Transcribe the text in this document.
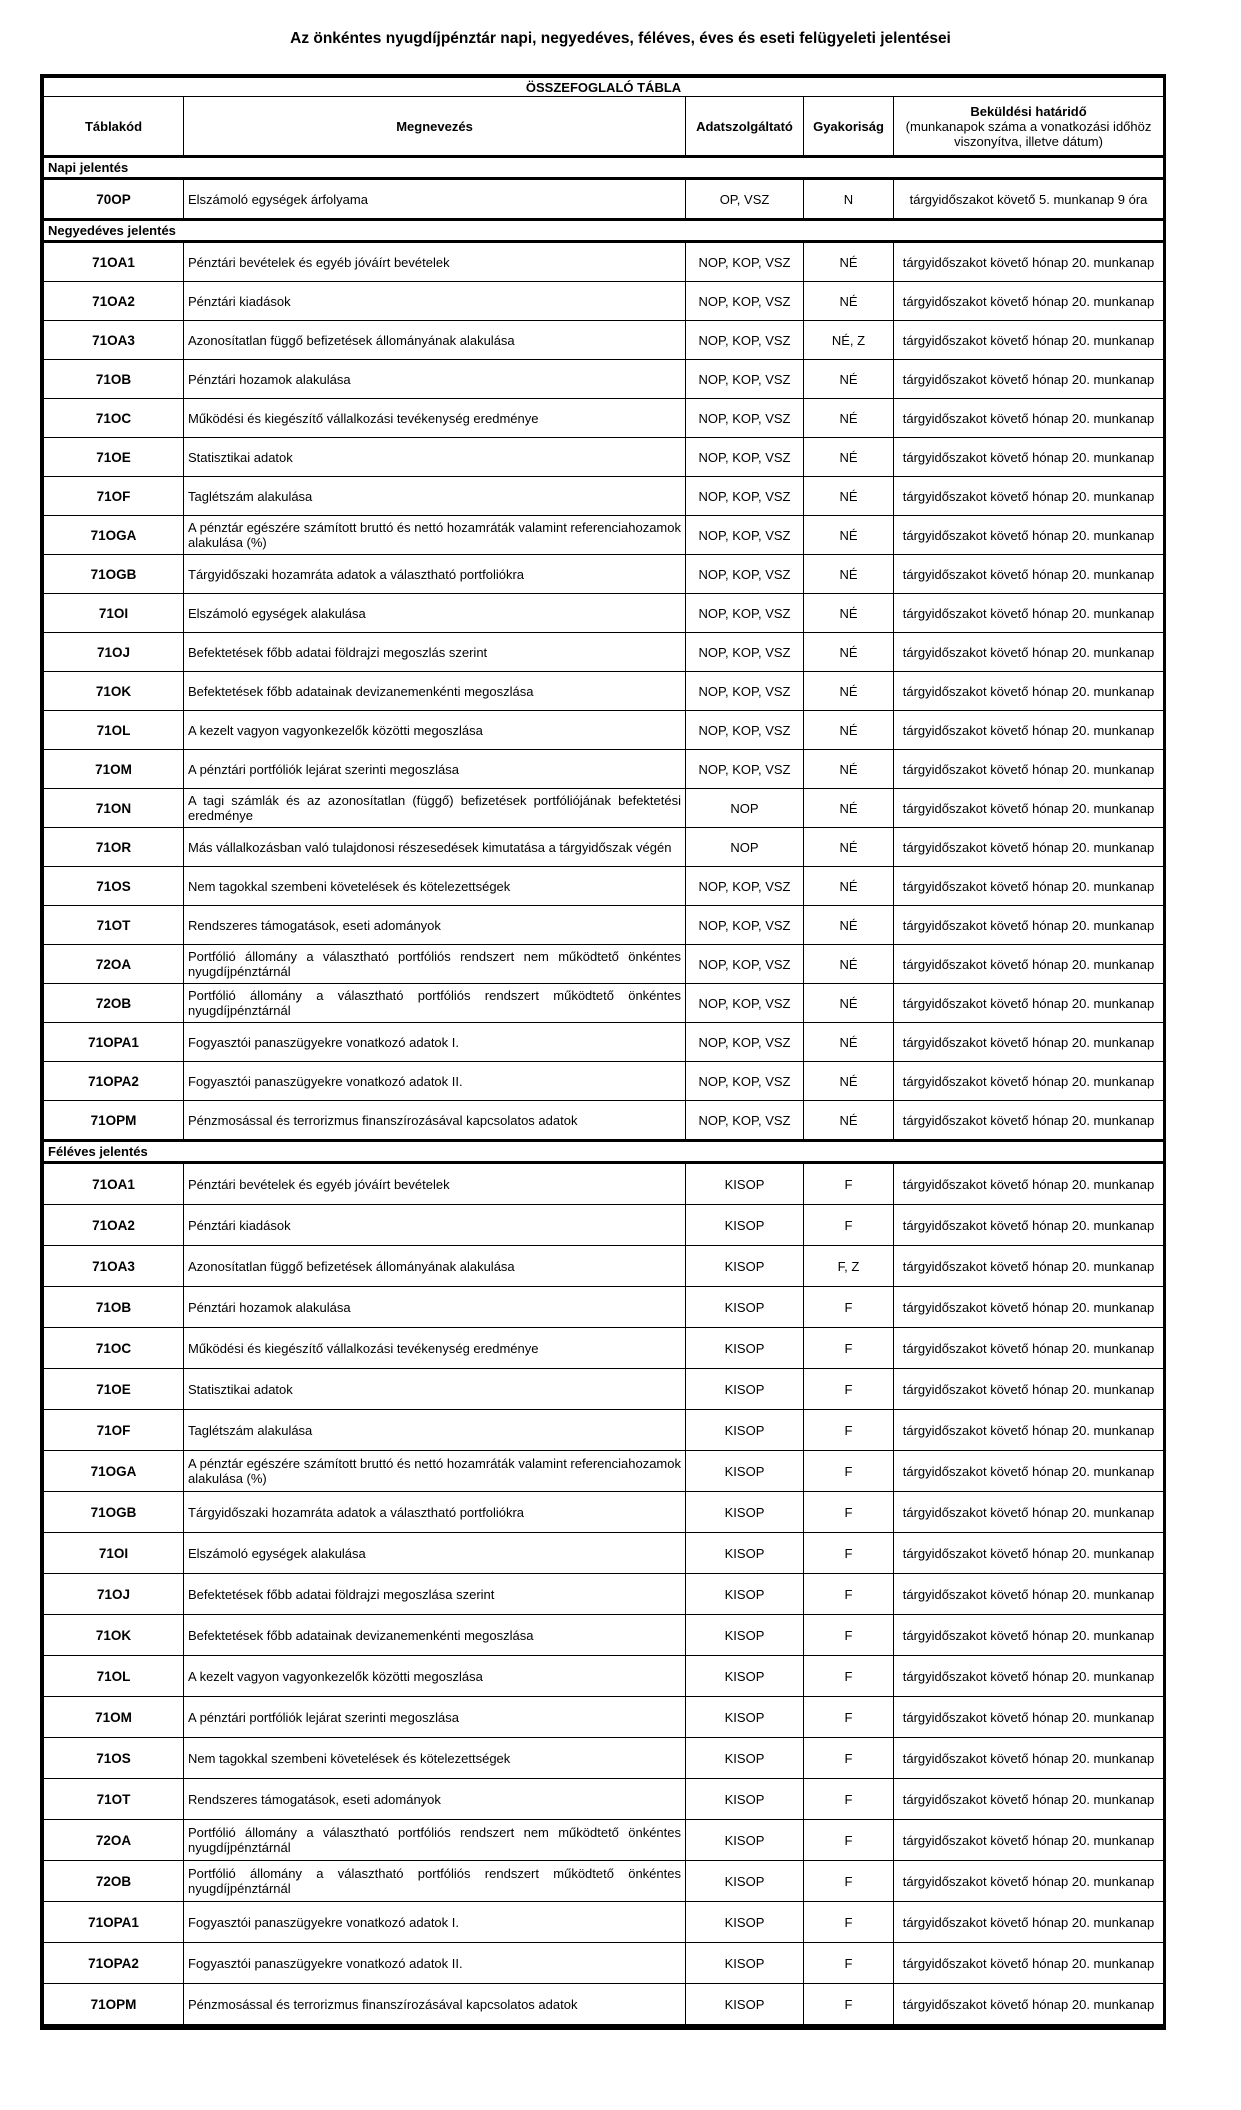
Az önkéntes nyugdíjpénztár napi, negyedéves, féléves, éves és eseti felügyeleti jelentései
ÖSSZEFOGLALÓ TÁBLA				
Táblakód	Megnevezés	Adatszolgáltató	Gyakoriság	Beküldési határidő
(munkanapok száma a vonatkozási időhöz viszonyítva, illetve dátum)

Napi jelentés				
70OP	Elszámoló egységek árfolyama	OP, VSZ	N	tárgyidőszakot követő 5. munkanap 9 óra
Negyedéves jelentés				
71OA1	Pénztári bevételek és egyéb jóváírt bevételek	NOP, KOP, VSZ	NÉ	tárgyidőszakot követő hónap 20. munkanap
71OA2	Pénztári kiadások	NOP, KOP, VSZ	NÉ	tárgyidőszakot követő hónap 20. munkanap
71OA3	Azonosítatlan függő befizetések állományának alakulása	NOP, KOP, VSZ	NÉ, Z	tárgyidőszakot követő hónap 20. munkanap
71OB	Pénztári hozamok alakulása	NOP, KOP, VSZ	NÉ	tárgyidőszakot követő hónap 20. munkanap
71OC	Működési és kiegészítő vállalkozási tevékenység eredménye	NOP, KOP, VSZ	NÉ	tárgyidőszakot követő hónap 20. munkanap
71OE	Statisztikai adatok	NOP, KOP, VSZ	NÉ	tárgyidőszakot követő hónap 20. munkanap
71OF	Taglétszám alakulása	NOP, KOP, VSZ	NÉ	tárgyidőszakot követő hónap 20. munkanap
71OGA	A pénztár egészére számított bruttó és nettó hozamráták valamint referenciahozamok alakulása (%)	NOP, KOP, VSZ	NÉ	tárgyidőszakot követő hónap 20. munkanap
71OGB	Tárgyidőszaki hozamráta adatok a választható portfoliókra	NOP, KOP, VSZ	NÉ	tárgyidőszakot követő hónap 20. munkanap
71OI	Elszámoló egységek alakulása	NOP, KOP, VSZ	NÉ	tárgyidőszakot követő hónap 20. munkanap
71OJ	Befektetések főbb adatai földrajzi megoszlás szerint	NOP, KOP, VSZ	NÉ	tárgyidőszakot követő hónap 20. munkanap
71OK	Befektetések főbb adatainak devizanemenkénti megoszlása	NOP, KOP, VSZ	NÉ	tárgyidőszakot követő hónap 20. munkanap
71OL	A kezelt vagyon vagyonkezelők közötti megoszlása	NOP, KOP, VSZ	NÉ	tárgyidőszakot követő hónap 20. munkanap
71OM	A pénztári portfóliók lejárat szerinti megoszlása	NOP, KOP, VSZ	NÉ	tárgyidőszakot követő hónap 20. munkanap
71ON	A tagi számlák és az azonosítatlan (függő) befizetések portfóliójának befektetési eredménye	NOP	NÉ	tárgyidőszakot követő hónap 20. munkanap
71OR	Más vállalkozásban való tulajdonosi részesedések kimutatása a tárgyidőszak végén	NOP	NÉ	tárgyidőszakot követő hónap 20. munkanap
71OS	Nem tagokkal szembeni követelések és kötelezettségek	NOP, KOP, VSZ	NÉ	tárgyidőszakot követő hónap 20. munkanap
71OT	Rendszeres támogatások, eseti adományok	NOP, KOP, VSZ	NÉ	tárgyidőszakot követő hónap 20. munkanap
72OA	Portfólió állomány a választható portfóliós rendszert nem működtető önkéntes nyugdíjpénztárnál	NOP, KOP, VSZ	NÉ	tárgyidőszakot követő hónap 20. munkanap
72OB	Portfólió állomány a választható portfóliós rendszert működtető önkéntes nyugdíjpénztárnál	NOP, KOP, VSZ	NÉ	tárgyidőszakot követő hónap 20. munkanap
71OPA1	Fogyasztói panaszügyekre vonatkozó adatok I.	NOP, KOP, VSZ	NÉ	tárgyidőszakot követő hónap 20. munkanap
71OPA2	Fogyasztói panaszügyekre vonatkozó adatok II.	NOP, KOP, VSZ	NÉ	tárgyidőszakot követő hónap 20. munkanap
71OPM	Pénzmosással és terrorizmus finanszírozásával kapcsolatos adatok	NOP, KOP, VSZ	NÉ	tárgyidőszakot követő hónap 20. munkanap
Féléves jelentés				
71OA1	Pénztári bevételek és egyéb jóváírt bevételek	KISOP	F	tárgyidőszakot követő hónap 20. munkanap
71OA2	Pénztári kiadások	KISOP	F	tárgyidőszakot követő hónap 20. munkanap
71OA3	Azonosítatlan függő befizetések állományának alakulása	KISOP	F, Z	tárgyidőszakot követő hónap 20. munkanap
71OB	Pénztári hozamok alakulása	KISOP	F	tárgyidőszakot követő hónap 20. munkanap
71OC	Működési és kiegészítő vállalkozási tevékenység eredménye	KISOP	F	tárgyidőszakot követő hónap 20. munkanap
71OE	Statisztikai adatok	KISOP	F	tárgyidőszakot követő hónap 20. munkanap
71OF	Taglétszám alakulása	KISOP	F	tárgyidőszakot követő hónap 20. munkanap
71OGA	A pénztár egészére számított bruttó és nettó hozamráták valamint referenciahozamok alakulása (%)	KISOP	F	tárgyidőszakot követő hónap 20. munkanap
71OGB	Tárgyidőszaki hozamráta adatok a választható portfoliókra	KISOP	F	tárgyidőszakot követő hónap 20. munkanap
71OI	Elszámoló egységek alakulása	KISOP	F	tárgyidőszakot követő hónap 20. munkanap
71OJ	Befektetések főbb adatai földrajzi megoszlása szerint	KISOP	F	tárgyidőszakot követő hónap 20. munkanap
71OK	Befektetések főbb adatainak devizanemenkénti megoszlása	KISOP	F	tárgyidőszakot követő hónap 20. munkanap
71OL	A kezelt vagyon vagyonkezelők közötti megoszlása	KISOP	F	tárgyidőszakot követő hónap 20. munkanap
71OM	A pénztári portfóliók lejárat szerinti megoszlása	KISOP	F	tárgyidőszakot követő hónap 20. munkanap
71OS	Nem tagokkal szembeni követelések és kötelezettségek	KISOP	F	tárgyidőszakot követő hónap 20. munkanap
71OT	Rendszeres támogatások, eseti adományok	KISOP	F	tárgyidőszakot követő hónap 20. munkanap
72OA	Portfólió állomány a választható portfóliós rendszert nem működtető önkéntes nyugdíjpénztárnál	KISOP	F	tárgyidőszakot követő hónap 20. munkanap
72OB	Portfólió állomány a választható portfóliós rendszert működtető önkéntes nyugdíjpénztárnál	KISOP	F	tárgyidőszakot követő hónap 20. munkanap
71OPA1	Fogyasztói panaszügyekre vonatkozó adatok I.	KISOP	F	tárgyidőszakot követő hónap 20. munkanap
71OPA2	Fogyasztói panaszügyekre vonatkozó adatok II.	KISOP	F	tárgyidőszakot követő hónap 20. munkanap
71OPM	Pénzmosással és terrorizmus finanszírozásával kapcsolatos adatok	KISOP	F	tárgyidőszakot követő hónap 20. munkanap
